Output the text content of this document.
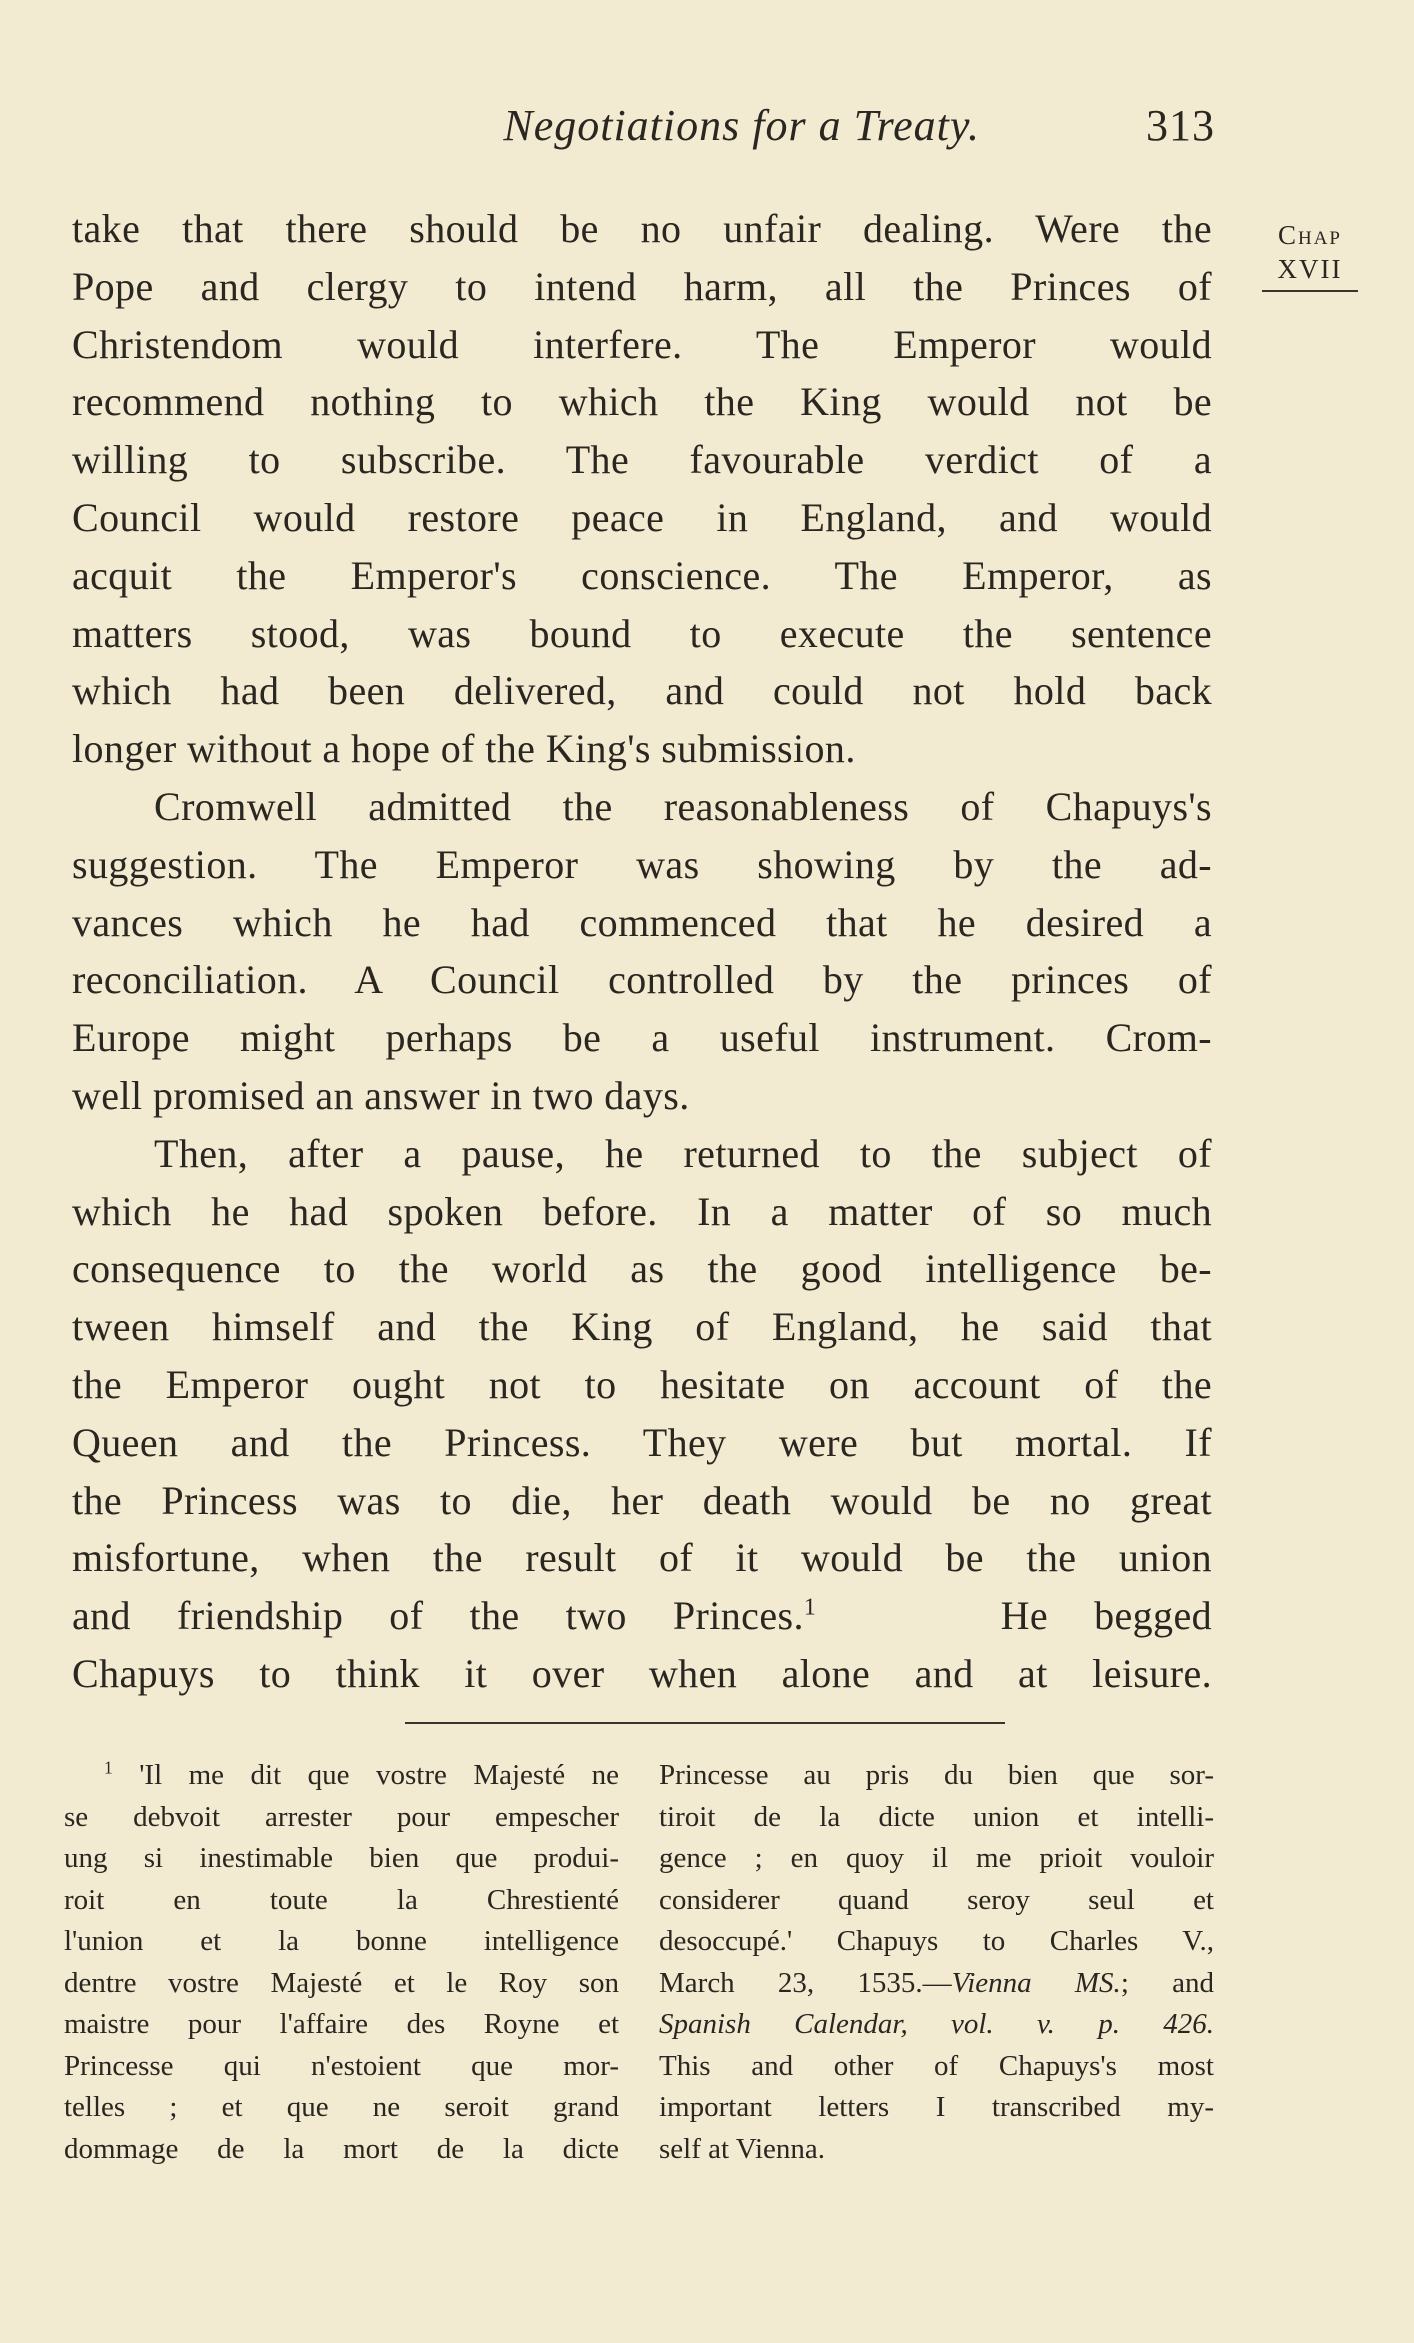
Negotiations for a Treaty.	313
Chap
XVII
take that there should be no unfair dealing. Were the
Pope and clergy to intend harm, all the Princes of
Christendom would interfere. The Emperor would
recommend nothing to which the King would not be
willing to subscribe. The favourable verdict of a
Council would restore peace in England, and would
acquit the Emperor's conscience. The Emperor, as
matters stood, was bound to execute the sentence
which had been delivered, and could not hold back
longer without a hope of the King's submission.
Cromwell admitted the reasonableness of Chapuys's
suggestion. The Emperor was showing by the ad-
vances which he had commenced that he desired a
reconciliation. A Council controlled by the princes of
Europe might perhaps be a useful instrument. Crom-
well promised an answer in two days.
Then, after a pause, he returned to the subject of
which he had spoken before. In a matter of so much
consequence to the world as the good intelligence be-
tween himself and the King of England, he said that
the Emperor ought not to hesitate on account of the
Queen and the Princess. They were but mortal. If
the Princess was to die, her death would be no great
misfortune, when the result of it would be the union
and friendship of the two Princes.$^1$	He begged
Chapuys to think it over when alone and at leisure.
$^1$ 'Il me dit que vostre Majesté ne
se debvoit arrester pour empescher
ung si inestimable bien que produi-
roit en toute la Chrestienté
l'union et la bonne intelligence
dentre vostre Majesté et le Roy son
maistre pour l'affaire des Royne et
Princesse qui n'estoient que mor-
telles ; et que ne seroit grand
dommage de la mort de la dicte
Princesse au pris du bien que sor-
tiroit de la dicte union et intelli-
gence ; en quoy il me prioit vouloir
considerer quand seroy seul et
desoccupé.' Chapuys to Charles V.,
March 23, 1535.—Vienna MS.; and
Spanish Calendar, vol. v. p. 426.
This and other of Chapuys's most
important letters I transcribed my-
self at Vienna.
